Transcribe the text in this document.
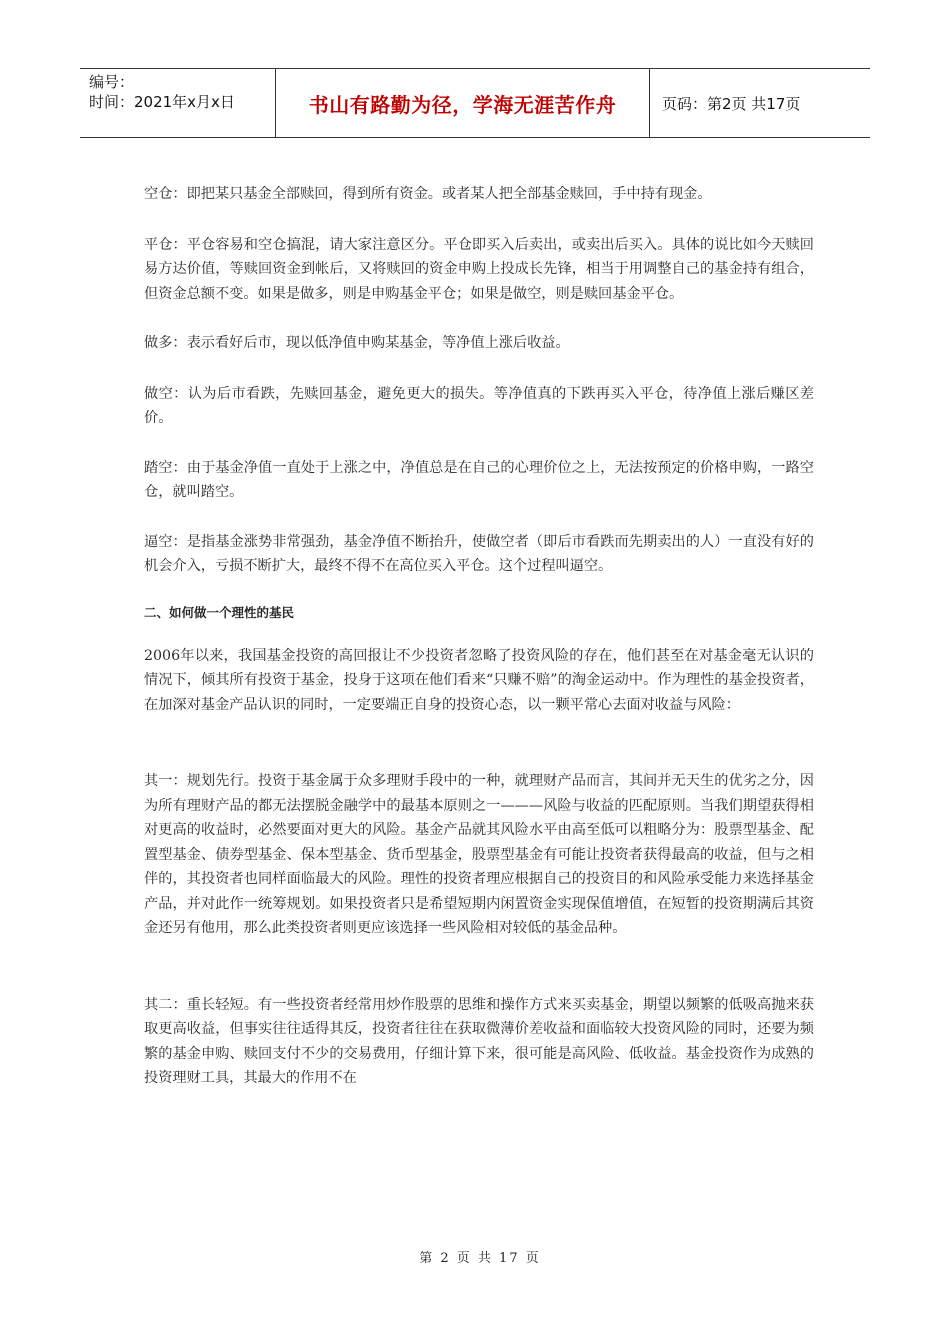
编号：
时间：2021年x月x日	书山有路勤为径，学海无涯苦作舟	页码：第2页 共17页

空仓：即把某只基金全部赎回，得到所有资金。或者某人把全部基金赎回，手中持有现金。

平仓：平仓容易和空仓搞混，请大家注意区分。平仓即买入后卖出，或卖出后买入。具体的说比如今天赎回易方达价值，等赎回资金到帐后，又将赎回的资金申购上投成长先锋，相当于用调整自己的基金持有组合，但资金总额不变。如果是做多，则是申购基金平仓；如果是做空，则是赎回基金平仓。

做多：表示看好后市，现以低净值申购某基金，等净值上涨后收益。

做空：认为后市看跌，先赎回基金，避免更大的损失。等净值真的下跌再买入平仓，待净值上涨后赚区差价。

踏空：由于基金净值一直处于上涨之中，净值总是在自己的心理价位之上，无法按预定的价格申购，一路空仓，就叫踏空。

逼空：是指基金涨势非常强劲，基金净值不断抬升，使做空者（即后市看跌而先期卖出的人）一直没有好的机会介入，亏损不断扩大，最终不得不在高位买入平仓。这个过程叫逼空。

二、如何做一个理性的基民

2006年以来，我国基金投资的高回报让不少投资者忽略了投资风险的存在，他们甚至在对基金毫无认识的情况下，倾其所有投资于基金，投身于这项在他们看来“只赚不赔”的淘金运动中。作为理性的基金投资者，在加深对基金产品认识的同时，一定要端正自身的投资心态，以一颗平常心去面对收益与风险：

其一：规划先行。投资于基金属于众多理财手段中的一种，就理财产品而言，其间并无天生的优劣之分，因为所有理财产品的都无法摆脱金融学中的最基本原则之一———风险与收益的匹配原则。当我们期望获得相对更高的收益时，必然要面对更大的风险。基金产品就其风险水平由高至低可以粗略分为：股票型基金、配置型基金、债券型基金、保本型基金、货币型基金，股票型基金有可能让投资者获得最高的收益，但与之相伴的，其投资者也同样面临最大的风险。理性的投资者理应根据自己的投资目的和风险承受能力来选择基金产品，并对此作一统筹规划。如果投资者只是希望短期内闲置资金实现保值增值，在短暂的投资期满后其资金还另有他用，那么此类投资者则更应该选择一些风险相对较低的基金品种。

其二：重长轻短。有一些投资者经常用炒作股票的思维和操作方式来买卖基金，期望以频繁的低吸高抛来获取更高收益，但事实往往适得其反，投资者往往在获取微薄价差收益和面临较大投资风险的同时，还要为频繁的基金申购、赎回支付不少的交易费用，仔细计算下来，很可能是高风险、低收益。基金投资作为成熟的投资理财工具，其最大的作用不在

第 2 页 共 17 页
